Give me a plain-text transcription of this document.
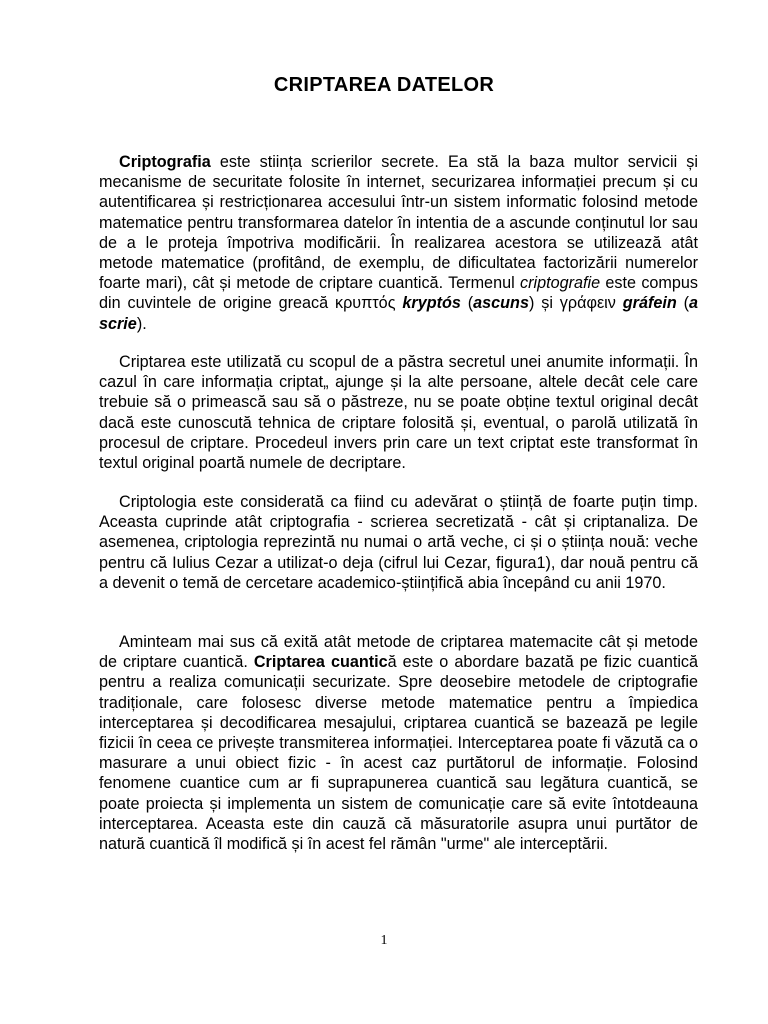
CRIPTAREA DATELOR

Criptografia este stiința scrierilor secrete. Ea stă la baza multor servicii și mecanisme de securitate folosite în internet, securizarea informației precum și cu autentificarea și restricționarea accesului într-un sistem informatic folosind metode matematice pentru transformarea datelor în intentia de a ascunde conținutul lor sau de a le proteja împotriva modificării. În realizarea acestora se utilizează atât metode matematice (profitând, de exemplu, de dificultatea factorizării numerelor foarte mari), cât și metode de criptare cuantică. Termenul criptografie este compus din cuvintele de origine greacă κρυπτός kryptós (ascuns) și γράφειν gráfein (a scrie).

Criptarea este utilizată cu scopul de a păstra secretul unei anumite informații. În cazul în care informația criptat„ ajunge și la alte persoane, altele decât cele care trebuie să o primească sau să o păstreze, nu se poate obține textul original decât dacă este cunoscută tehnica de criptare folosită și, eventual, o parolă utilizată în procesul de criptare. Procedeul invers prin care un text criptat este transformat în textul original poartă numele de decriptare.

Criptologia este considerată ca fiind cu adevărat o știință de foarte puțin timp. Aceasta cuprinde atât criptografia - scrierea secretizată - cât și criptanaliza. De asemenea, criptologia reprezintă nu numai o artă veche, ci și o știința nouă: veche pentru că Iulius Cezar a utilizat-o deja (cifrul lui Cezar, figura1), dar nouă pentru că a devenit o temă de cercetare academico-științifică abia începând cu anii 1970.

Aminteam mai sus că exită atât metode de criptarea matemacite cât și metode de criptare cuantică. Criptarea cuantică este o abordare bazată pe fizic cuantică pentru a realiza comunicații securizate. Spre deosebire metodele de criptografie tradiționale, care folosesc diverse metode matematice pentru a împiedica interceptarea și decodificarea mesajului, criptarea cuantică se bazează pe legile fizicii în ceea ce privește transmiterea informației. Interceptarea poate fi văzută ca o masurare a unui obiect fizic - în acest caz purtătorul de informație. Folosind fenomene cuantice cum ar fi suprapunerea cuantică sau legătura cuantică, se poate proiecta și implementa un sistem de comunicație care să evite întotdeauna interceptarea. Aceasta este din cauză că măsuratorile asupra unui purtător de natură cuantică îl modifică și în acest fel rămân "urme" ale interceptării.

1
